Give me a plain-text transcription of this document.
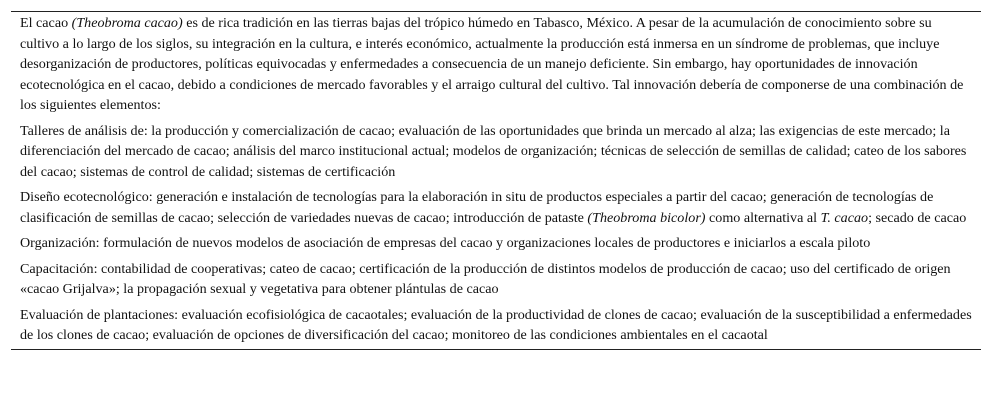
El cacao (Theobroma cacao) es de rica tradición en las tierras bajas del trópico húmedo en Tabasco, México. A pesar de la acumulación de conocimiento sobre su cultivo a lo largo de los siglos, su integración en la cultura, e interés económico, actualmente la producción está inmersa en un síndrome de problemas, que incluye desorganización de productores, políticas equivocadas y enfermedades a consecuencia de un manejo deficiente. Sin embargo, hay oportunidades de innovación ecotecnológica en el cacao, debido a condiciones de mercado favorables y el arraigo cultural del cultivo. Tal innovación debería de componerse de una combinación de los siguientes elementos:
Talleres de análisis de: la producción y comercialización de cacao; evaluación de las oportunidades que brinda un mercado al alza; las exigencias de este mercado; la diferenciación del mercado de cacao; análisis del marco institucional actual; modelos de organización; técnicas de selección de semillas de calidad; cateo de los sabores del cacao; sistemas de control de calidad; sistemas de certificación
Diseño ecotecnológico: generación e instalación de tecnologías para la elaboración in situ de productos especiales a partir del cacao; generación de tecnologías de clasificación de semillas de cacao; selección de variedades nuevas de cacao; introducción de pataste (Theobroma bicolor) como alternativa al T. cacao; secado de cacao
Organización: formulación de nuevos modelos de asociación de empresas del cacao y organizaciones locales de productores e iniciarlos a escala piloto
Capacitación: contabilidad de cooperativas; cateo de cacao; certificación de la producción de distintos modelos de producción de cacao; uso del certificado de origen «cacao Grijalva»; la propagación sexual y vegetativa para obtener plántulas de cacao
Evaluación de plantaciones: evaluación ecofisiológica de cacaotales; evaluación de la productividad de clones de cacao; evaluación de la susceptibilidad a enfermedades de los clones de cacao; evaluación de opciones de diversificación del cacao; monitoreo de las condiciones ambientales en el cacaotal
